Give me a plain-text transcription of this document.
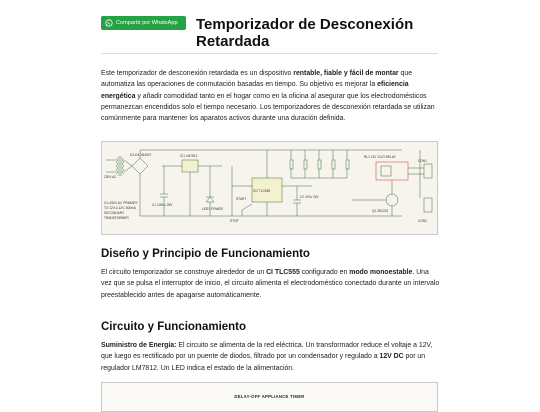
Compartir por WhatsApp Temporizador de Desconexión Retardada

Este temporizador de desconexión retardada es un dispositivo rentable, fiable y fácil de montar que automatiza las operaciones de conmutación basadas en tiempo. Su objetivo es mejorar la eficiencia energética y añadir comodidad tanto en el hogar como en la oficina al asegurar que los electrodomésticos permanezcan encendidos solo el tiempo necesario. Los temporizadores de desconexión retardada se utilizan comúnmente para mantener los aparatos activos durante una duración definida.

D1-D4 1N4007	IC1 LM7812
C1 1000u 25V
LED1 POWER
IC2 TLC555
C2 470u 25V
Q1 2N2222
RL1 12V 1C/O RELAY
X1=230V AC PRIMARY
TO 12V-0-12V, 500mA
SECONDARY
TRANSFORMER
230V AC
START
STOP
CON1
CON2
Diseño y Principio de Funcionamiento

El circuito temporizador se construye alrededor de un CI TLC555 configurado en modo monoestable. Una vez que se pulsa el interruptor de inicio, el circuito alimenta el electrodoméstico conectado durante un intervalo preestablecido antes de apagarse automáticamente.

Circuito y Funcionamiento

Suministro de Energía: El circuito se alimenta de la red eléctrica. Un transformador reduce el voltaje a 12V, que luego es rectificado por un puente de diodos, filtrado por un condensador y regulado a 12V DC por un regulador LM7812. Un LED indica el estado de la alimentación.

DELAY-OFF APPLIANCE TIMER
